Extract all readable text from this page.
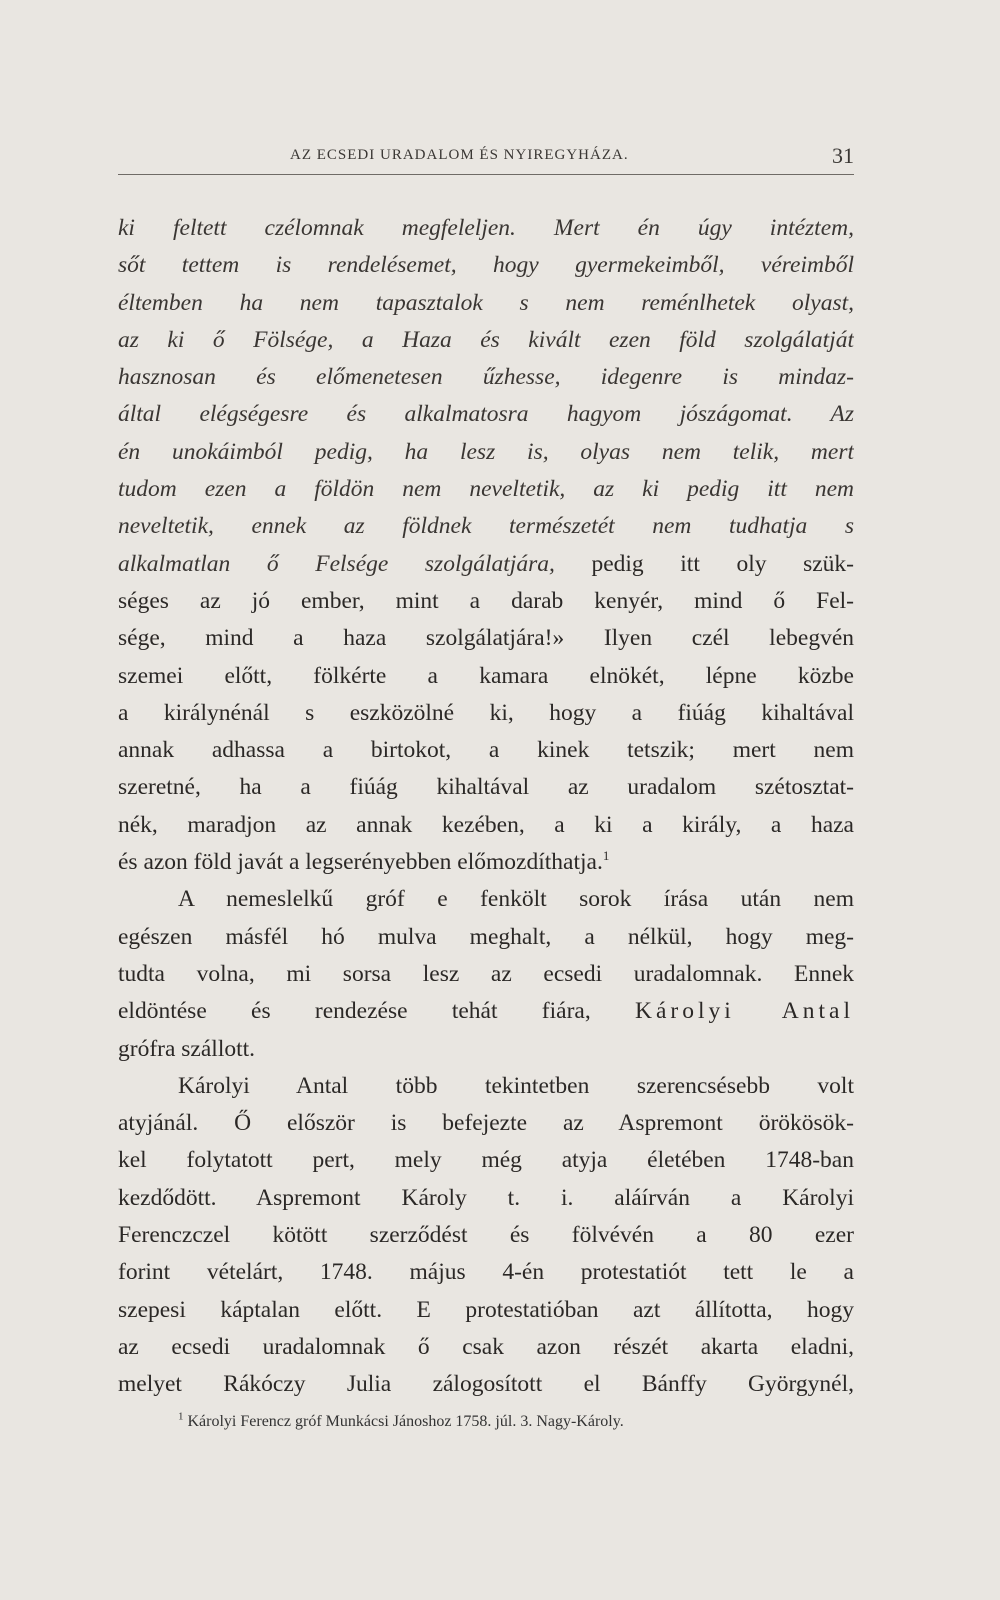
AZ ECSEDI URADALOM ÉS NYIREGYHÁZA.	31
ki feltett czélomnak megfeleljen. Mert én úgy intéztem,
sőt tettem is rendelésemet, hogy gyermekeimből, véreimből
éltemben ha nem tapasztalok s nem reménlhetek olyast,
az ki ő Fölsége, a Haza és kivált ezen föld szolgálatját
hasznosan és előmenetesen űzhesse, idegenre is mindaz-
által elégségesre és alkalmatosra hagyom jószágomat. Az
én unokáimból pedig, ha lesz is, olyas nem telik, mert
tudom ezen a földön nem neveltetik, az ki pedig itt nem
neveltetik, ennek az földnek természetét nem tudhatja s
alkalmatlan ő Felsége szolgálatjára, pedig itt oly szük-
séges az jó ember, mint a darab kenyér, mind ő Fel-
sége, mind a haza szolgálatjára!» Ilyen czél lebegvén
szemei előtt, fölkérte a kamara elnökét, lépne közbe
a királynénál s eszközölné ki, hogy a fiúág kihaltával
annak adhassa a birtokot, a kinek tetszik; mert nem
szeretné, ha a fiúág kihaltával az uradalom szétosztat-
nék, maradjon az annak kezében, a ki a király, a haza
és azon föld javát a legserényebben előmozdíthatja.$^1$
A nemeslelkű gróf e fenkölt sorok írása után nem
egészen másfél hó mulva meghalt, a nélkül, hogy meg-
tudta volna, mi sorsa lesz az ecsedi uradalomnak. Ennek
eldöntése és rendezése tehát fiára, Károlyi Antal
grófra szállott.
Károlyi Antal több tekintetben szerencsésebb volt
atyjánál. Ő először is befejezte az Aspremont örökösök-
kel folytatott pert, mely még atyja életében 1748-ban
kezdődött. Aspremont Károly t. i. aláírván a Károlyi
Ferenczczel kötött szerződést és fölvévén a 80 ezer
forint vételárt, 1748. május 4-én protestatiót tett le a
szepesi káptalan előtt. E protestatióban azt állította, hogy
az ecsedi uradalomnak ő csak azon részét akarta eladni,
melyet Rákóczy Julia zálogosított el Bánffy Györgynél,
$^1$ Károlyi Ferencz gróf Munkácsi Jánoshoz 1758. júl. 3. Nagy-Károly.
